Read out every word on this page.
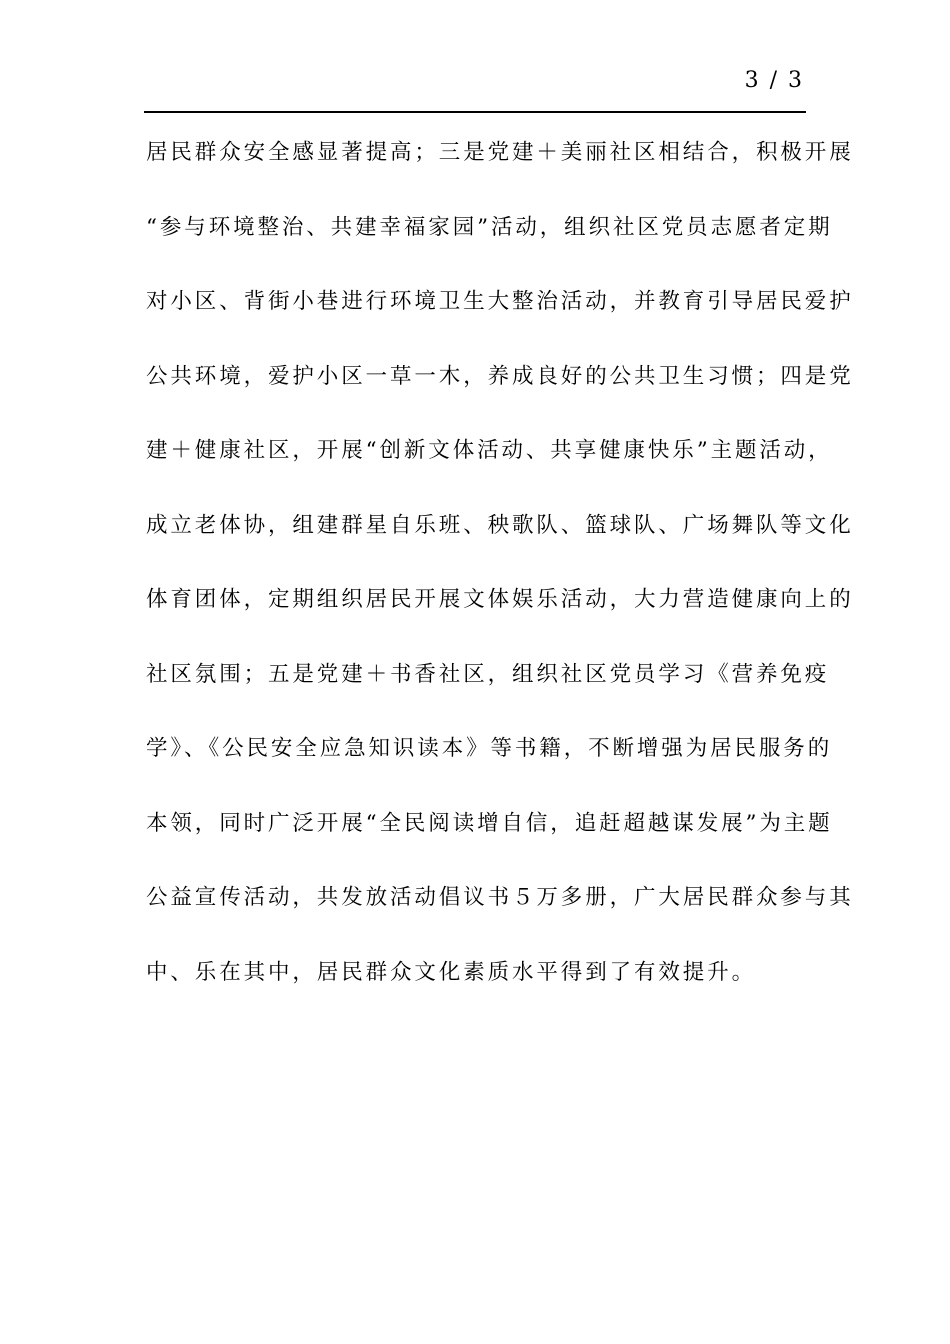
3 / 3
居民群众安全感显著提高；三是党建＋美丽社区相结合，积极开展
“参与环境整治、共建幸福家园”活动，组织社区党员志愿者定期
对小区、背街小巷进行环境卫生大整治活动，并教育引导居民爱护
公共环境，爱护小区一草一木，养成良好的公共卫生习惯；四是党
建＋健康社区，开展“创新文体活动、共享健康快乐”主题活动，
成立老体协，组建群星自乐班、秧歌队、篮球队、广场舞队等文化
体育团体，定期组织居民开展文体娱乐活动，大力营造健康向上的
社区氛围；五是党建＋书香社区，组织社区党员学习《营养免疫
学》、《公民安全应急知识读本》等书籍，不断增强为居民服务的
本领，同时广泛开展“全民阅读增自信，追赶超越谋发展”为主题
公益宣传活动，共发放活动倡议书５万多册，广大居民群众参与其
中、乐在其中，居民群众文化素质水平得到了有效提升。
